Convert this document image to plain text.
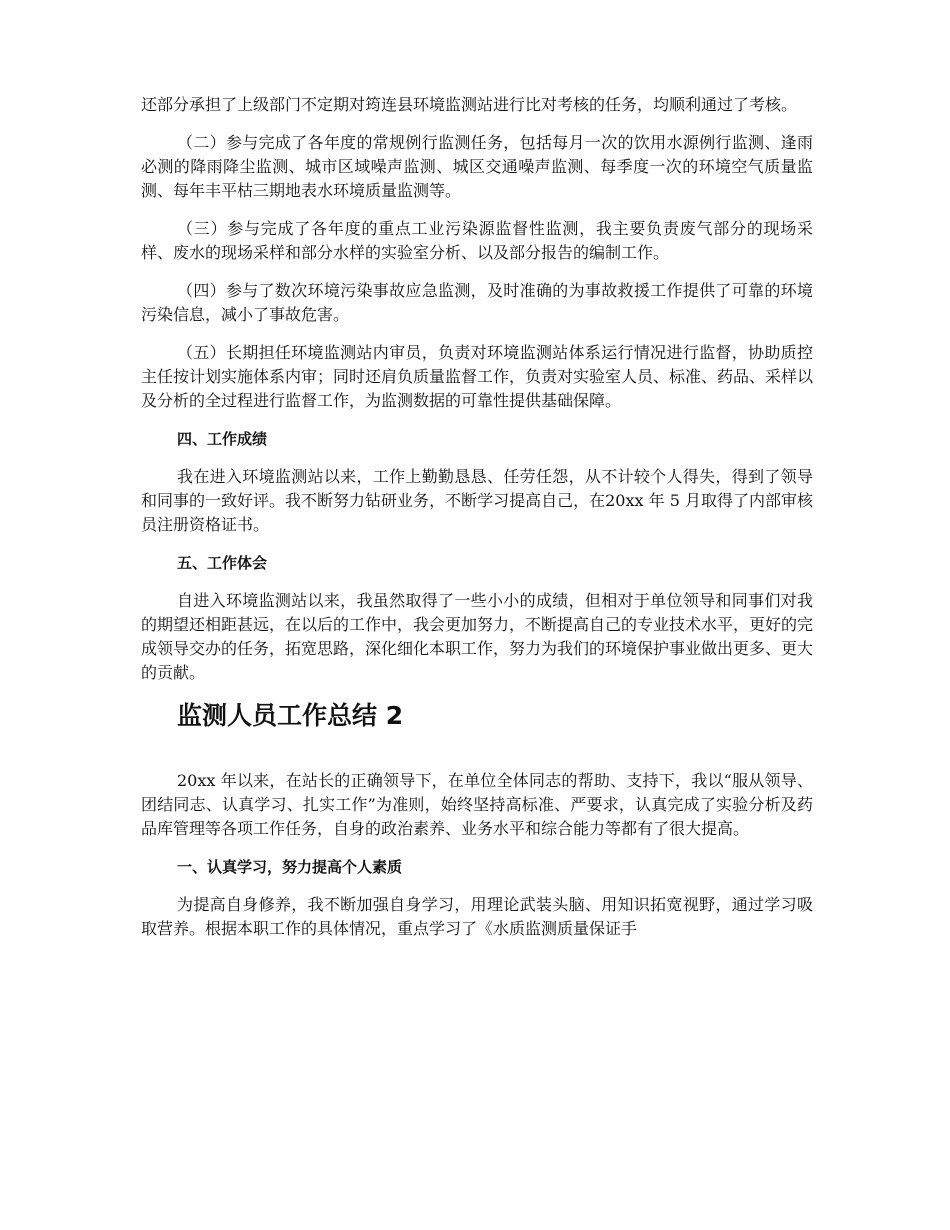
还部分承担了上级部门不定期对筠连县环境监测站进行比对考核的任务，均顺利通过了考核。

（二）参与完成了各年度的常规例行监测任务，包括每月一次的饮用水源例行监测、逢雨必测的降雨降尘监测、城市区域噪声监测、城区交通噪声监测、每季度一次的环境空气质量监测、每年丰平枯三期地表水环境质量监测等。

（三）参与完成了各年度的重点工业污染源监督性监测，我主要负责废气部分的现场采样、废水的现场采样和部分水样的实验室分析、以及部分报告的编制工作。

（四）参与了数次环境污染事故应急监测，及时准确的为事故救援工作提供了可靠的环境污染信息，减小了事故危害。

（五）长期担任环境监测站内审员，负责对环境监测站体系运行情况进行监督，协助质控主任按计划实施体系内审；同时还肩负质量监督工作，负责对实验室人员、标准、药品、采样以及分析的全过程进行监督工作，为监测数据的可靠性提供基础保障。

四、工作成绩

我在进入环境监测站以来，工作上勤勤恳恳、任劳任怨，从不计较个人得失，得到了领导和同事的一致好评。我不断努力钻研业务，不断学习提高自己，在20xx 年 5 月取得了内部审核员注册资格证书。

五、工作体会

自进入环境监测站以来，我虽然取得了一些小小的成绩，但相对于单位领导和同事们对我的期望还相距甚远，在以后的工作中，我会更加努力，不断提高自己的专业技术水平，更好的完成领导交办的任务，拓宽思路，深化细化本职工作，努力为我们的环境保护事业做出更多、更大的贡献。

监测人员工作总结 2

20xx 年以来，在站长的正确领导下，在单位全体同志的帮助、支持下，我以“服从领导、团结同志、认真学习、扎实工作”为准则，始终坚持高标准、严要求，认真完成了实验分析及药品库管理等各项工作任务，自身的政治素养、业务水平和综合能力等都有了很大提高。

一、认真学习，努力提高个人素质

为提高自身修养，我不断加强自身学习，用理论武装头脑、用知识拓宽视野，通过学习吸取营养。根据本职工作的具体情况，重点学习了《水质监测质量保证手
